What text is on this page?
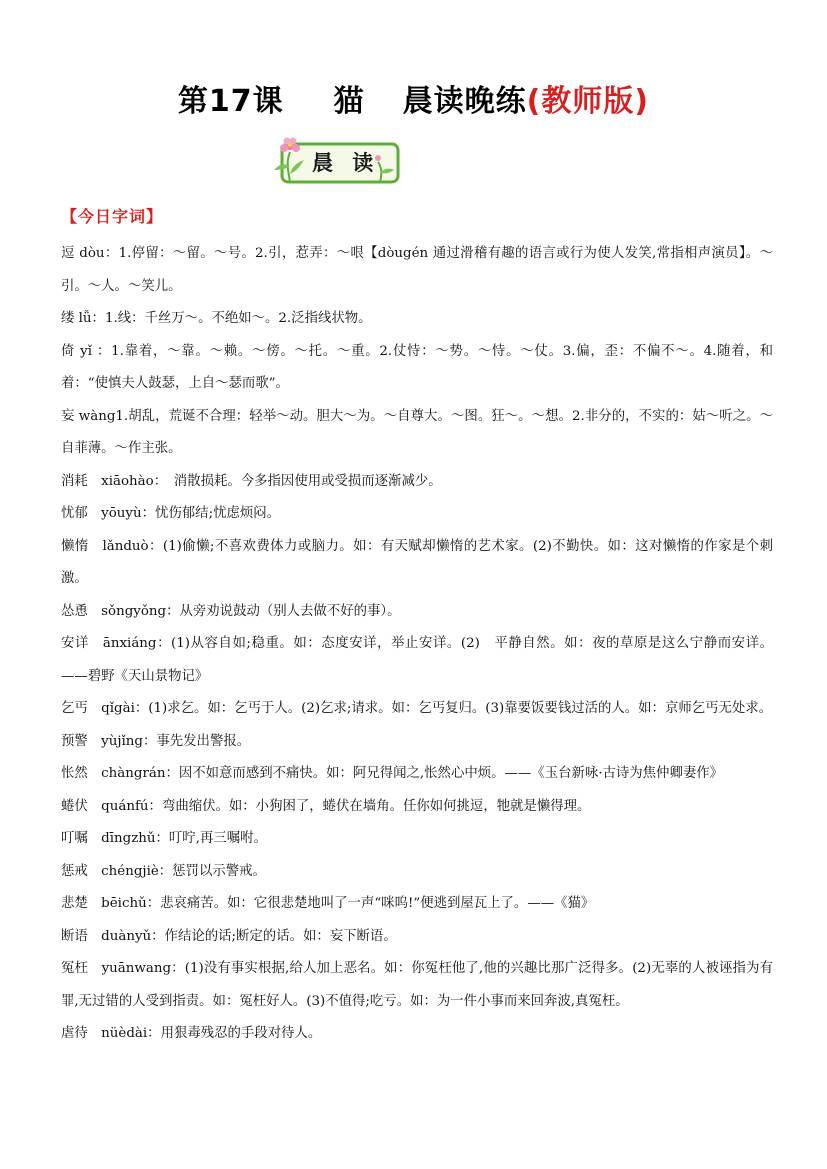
第17课 猫 晨读晚练(教师版)
晨 读
【今日字词】

逗 dòu：1.停留：～留。～号。2.引，惹弄：～哏【dòugén 通过滑稽有趣的语言或行为使人发笑,常指相声演员】。～引。～人。～笑儿。

缕 lǚ：1.线：千丝万～。不绝如～。2.泛指线状物。

倚 yǐ ：1.靠着，～靠。～赖。～傍。～托。～重。2.仗恃：～势。～恃。～仗。3.偏，歪：不偏不～。4.随着，和着：“使慎夫人鼓瑟，上自～瑟而歌”。

妄 wàng1.胡乱，荒诞不合理：轻举～动。胆大～为。～自尊大。～图。狂～。～想。2.非分的，不实的：姑～听之。～自菲薄。～作主张。

消耗　xiāohào：　消散损耗。今多指因使用或受损而逐渐减少。

忧郁　yōuyù：忧伤郁结;忧虑烦闷。

懒惰　lǎnduò：(1)偷懒;不喜欢费体力或脑力。如：有天赋却懒惰的艺术家。(2)不勤快。如：这对懒惰的作家是个刺激。

怂恿　sǒngyǒng：从旁劝说鼓动（别人去做不好的事）。

安详　ānxiáng：(1)从容自如;稳重。如：态度安详，举止安详。(2)　平静自然。如：夜的草原是这么宁静而安详。——碧野《天山景物记》

乞丐　qǐgài：(1)求乞。如：乞丐于人。(2)乞求;请求。如：乞丐复归。(3)靠要饭要钱过活的人。如：京师乞丐无处求。

预警　yùjǐng：事先发出警报。

怅然　chàngrán：因不如意而感到不痛快。如：阿兄得闻之,怅然心中烦。——《玉台新咏·古诗为焦仲卿妻作》

蜷伏　quánfú：弯曲缩伏。如：小狗困了，蜷伏在墙角。任你如何挑逗，牠就是懒得理。

叮嘱　dīngzhǔ：叮咛,再三嘱咐。

惩戒　chéngjiè：惩罚以示警戒。

悲楚　bēichǔ：悲哀痛苦。如：它很悲楚地叫了一声“咪呜!”便逃到屋瓦上了。——《猫》

断语　duànyǔ：作结论的话;断定的话。如：妄下断语。

冤枉　yuānwang：(1)没有事实根据,给人加上恶名。如：你冤枉他了,他的兴趣比那广泛得多。(2)无辜的人被诬指为有罪,无过错的人受到指责。如：冤枉好人。(3)不值得;吃亏。如：为一件小事而来回奔波,真冤枉。

虐待　nüèdài：用狠毒残忍的手段对待人。
